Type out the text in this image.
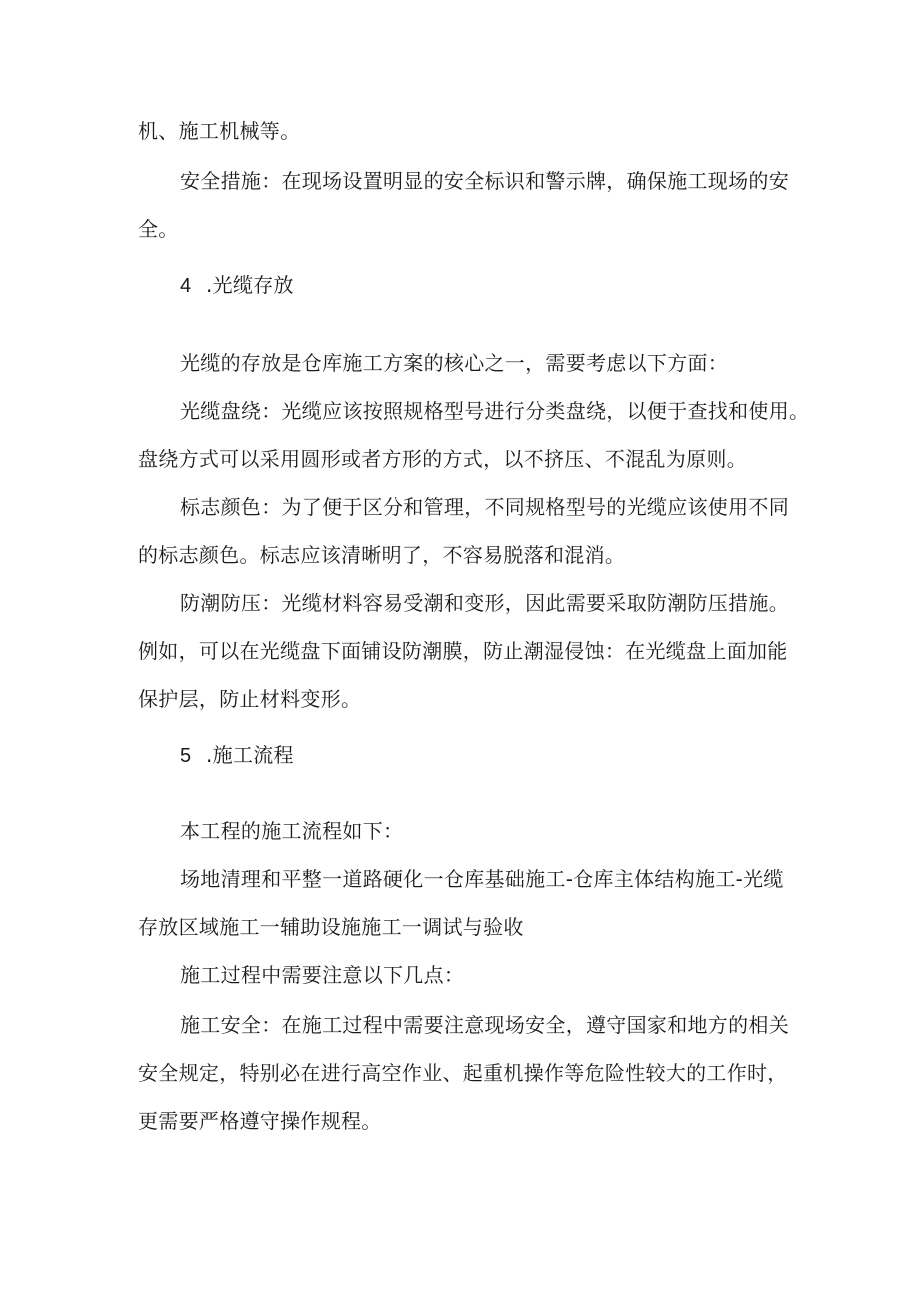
机、施工机械等。
安全措施：在现场设置明显的安全标识和警示牌，确保施工现场的安
全。
4 .光缆存放
光缆的存放是仓库施工方案的核心之一，需要考虑以下方面：
光缆盘绕：光缆应该按照规格型号进行分类盘绕，以便于查找和使用。
盘绕方式可以采用圆形或者方形的方式，以不挤压、不混乱为原则。
标志颜色：为了便于区分和管理，不同规格型号的光缆应该使用不同
的标志颜色。标志应该清晰明了，不容易脱落和混消。
防潮防压：光缆材料容易受潮和变形，因此需要采取防潮防压措施。
例如，可以在光缆盘下面铺设防潮膜，防止潮湿侵蚀：在光缆盘上面加能
保护层，防止材料变形。
5 .施工流程
本工程的施工流程如下：
场地清理和平整一道路硬化一仓库基础施工-仓库主体结构施工-光缆
存放区域施工一辅助设施施工一调试与验收
施工过程中需要注意以下几点：
施工安全：在施工过程中需要注意现场安全，遵守国家和地方的相关
安全规定，特别必在进行高空作业、起重机操作等危险性较大的工作时，
更需要严格遵守操作规程。
